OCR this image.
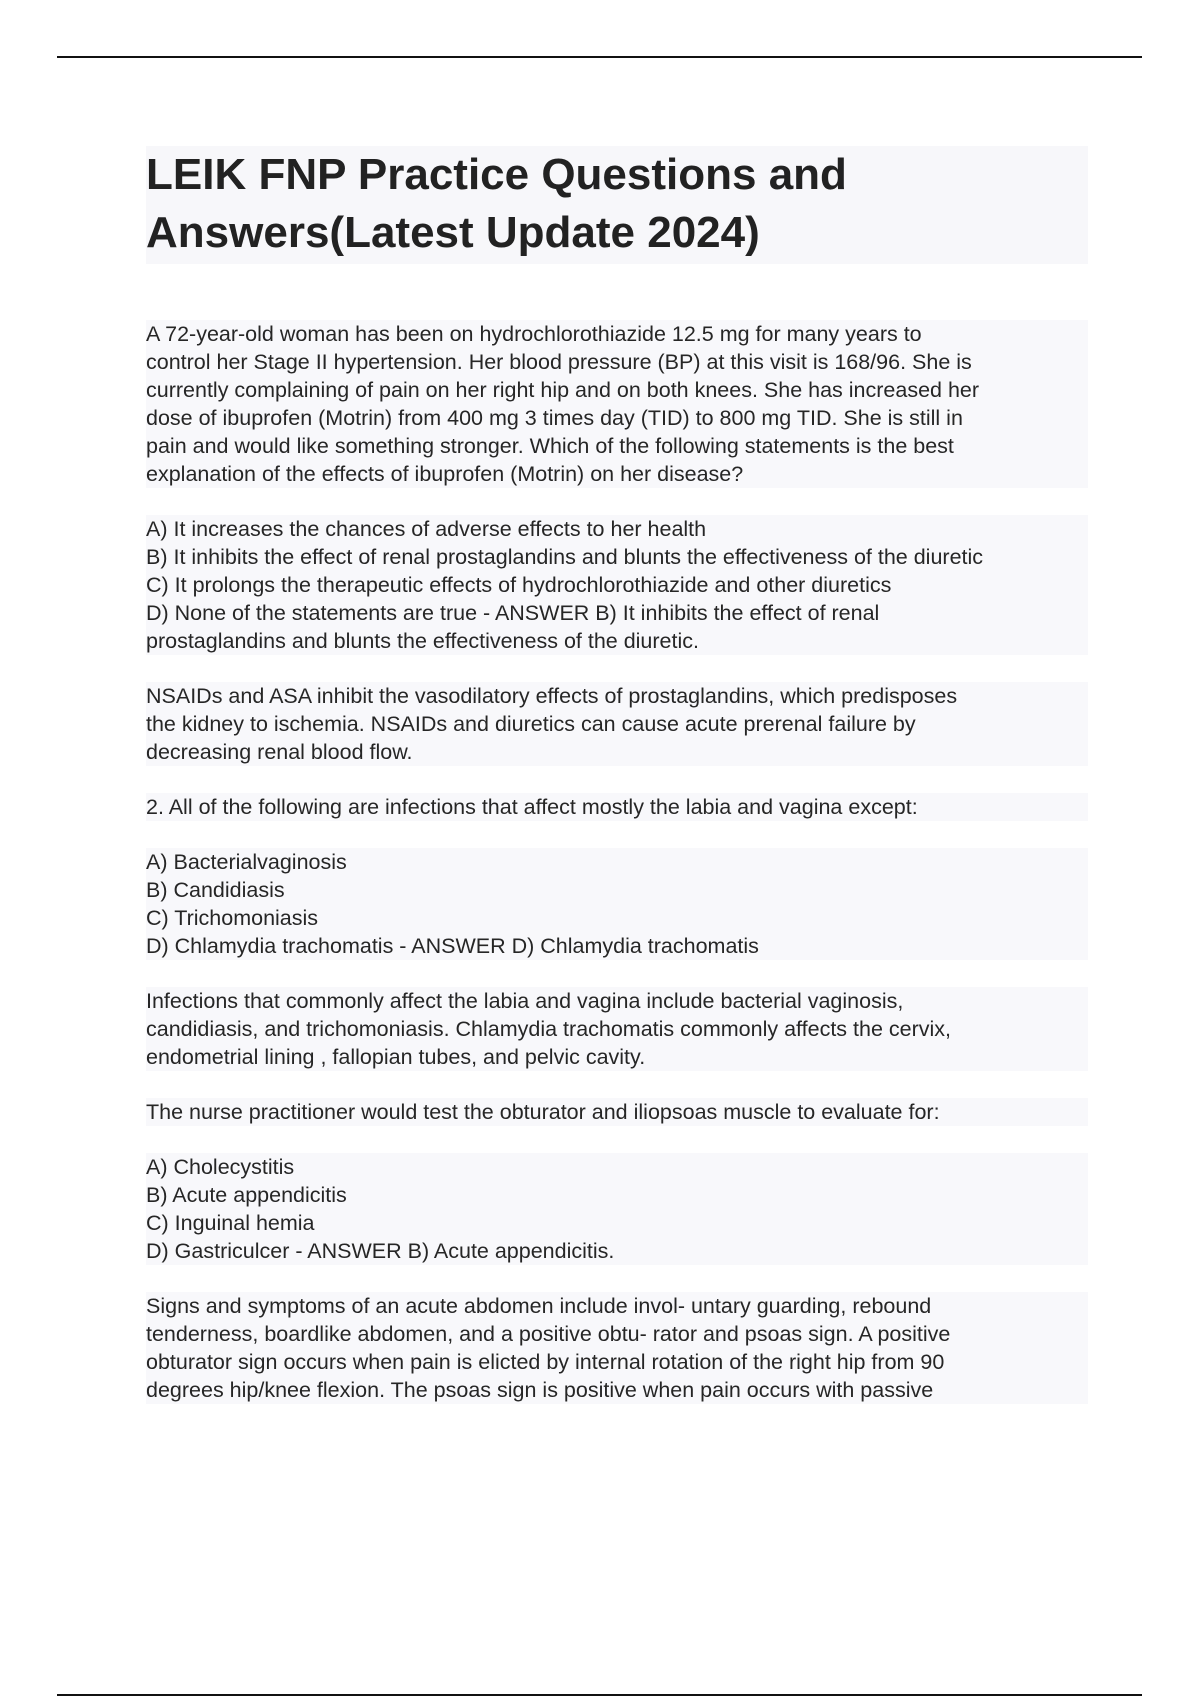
LEIK FNP Practice Questions and
Answers(Latest Update 2024)

A 72-year-old woman has been on hydrochlorothiazide 12.5 mg for many years to
control her Stage II hypertension. Her blood pressure (BP) at this visit is 168/96. She is
currently complaining of pain on her right hip and on both knees. She has increased her
dose of ibuprofen (Motrin) from 400 mg 3 times day (TID) to 800 mg TID. She is still in
pain and would like something stronger. Which of the following statements is the best
explanation of the effects of ibuprofen (Motrin) on her disease?

A) It increases the chances of adverse effects to her health
B) It inhibits the effect of renal prostaglandins and blunts the effectiveness of the diuretic
C) It prolongs the therapeutic effects of hydrochlorothiazide and other diuretics
D) None of the statements are true - ANSWER B) It inhibits the effect of renal
prostaglandins and blunts the effectiveness of the diuretic.

NSAIDs and ASA inhibit the vasodilatory effects of prostaglandins, which predisposes
the kidney to ischemia. NSAIDs and diuretics can cause acute prerenal failure by
decreasing renal blood flow.

2. All of the following are infections that affect mostly the labia and vagina except:

A) Bacterialvaginosis
B) Candidiasis
C) Trichomoniasis
D) Chlamydia trachomatis - ANSWER D) Chlamydia trachomatis

Infections that commonly affect the labia and vagina include bacterial vaginosis,
candidiasis, and trichomoniasis. Chlamydia trachomatis commonly affects the cervix,
endometrial lining , fallopian tubes, and pelvic cavity.

The nurse practitioner would test the obturator and iliopsoas muscle to evaluate for:

A) Cholecystitis
B) Acute appendicitis
C) Inguinal hemia
D) Gastriculcer - ANSWER B) Acute appendicitis.

Signs and symptoms of an acute abdomen include invol- untary guarding, rebound
tenderness, boardlike abdomen, and a positive obtu- rator and psoas sign. A positive
obturator sign occurs when pain is elicted by internal rotation of the right hip from 90
degrees hip/knee flexion. The psoas sign is positive when pain occurs with passive
